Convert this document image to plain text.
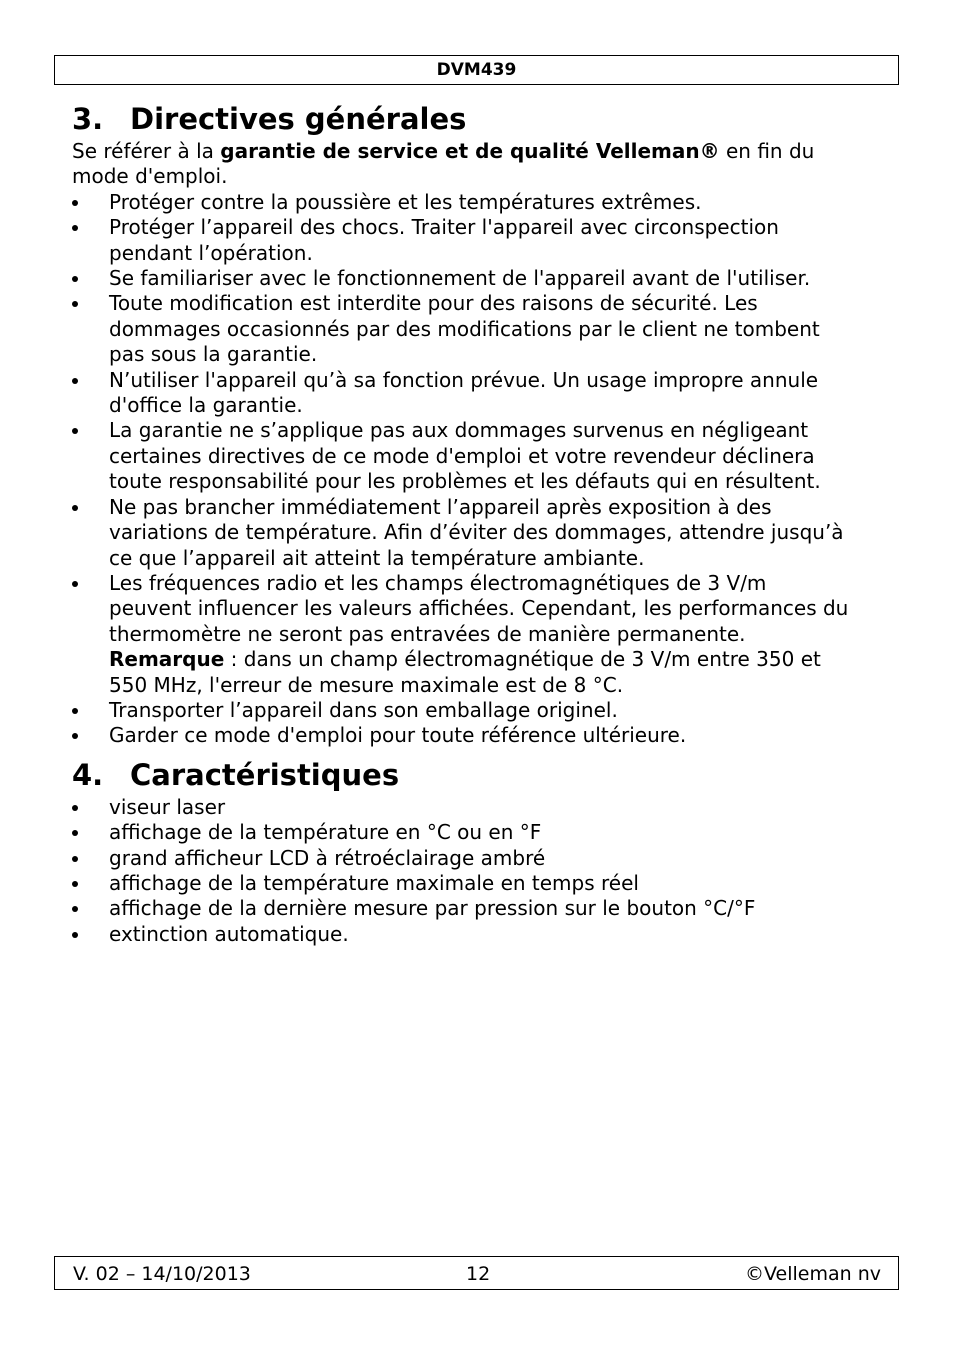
DVM439
3. Directives générales

Se référer à la garantie de service et de qualité Velleman® en fin du
mode d'emploi.

Protéger contre la poussière et les températures extrêmes.
Protéger l’appareil des chocs. Traiter l'appareil avec circonspection
pendant l’opération.
Se familiariser avec le fonctionnement de l'appareil avant de l'utiliser.
Toute modification est interdite pour des raisons de sécurité. Les
dommages occasionnés par des modifications par le client ne tombent
pas sous la garantie.
N’utiliser l'appareil qu’à sa fonction prévue. Un usage impropre annule
d'office la garantie.
La garantie ne s’applique pas aux dommages survenus en négligeant
certaines directives de ce mode d'emploi et votre revendeur déclinera
toute responsabilité pour les problèmes et les défauts qui en résultent.
Ne pas brancher immédiatement l’appareil après exposition à des
variations de température. Afin d’éviter des dommages, attendre jusqu’à
ce que l’appareil ait atteint la température ambiante.
Les fréquences radio et les champs électromagnétiques de 3 V/m
peuvent influencer les valeurs affichées. Cependant, les performances du
thermomètre ne seront pas entravées de manière permanente.
Remarque : dans un champ électromagnétique de 3 V/m entre 350 et
550 MHz, l'erreur de mesure maximale est de 8 °C.
Transporter l’appareil dans son emballage originel.
Garder ce mode d'emploi pour toute référence ultérieure.
4. Caractéristiques
viseur laser
affichage de la température en °C ou en °F
grand afficheur LCD à rétroéclairage ambré
affichage de la température maximale en temps réel
affichage de la dernière mesure par pression sur le bouton °C/°F
extinction automatique.
V. 02 – 14/10/2013	12	©Velleman nv
